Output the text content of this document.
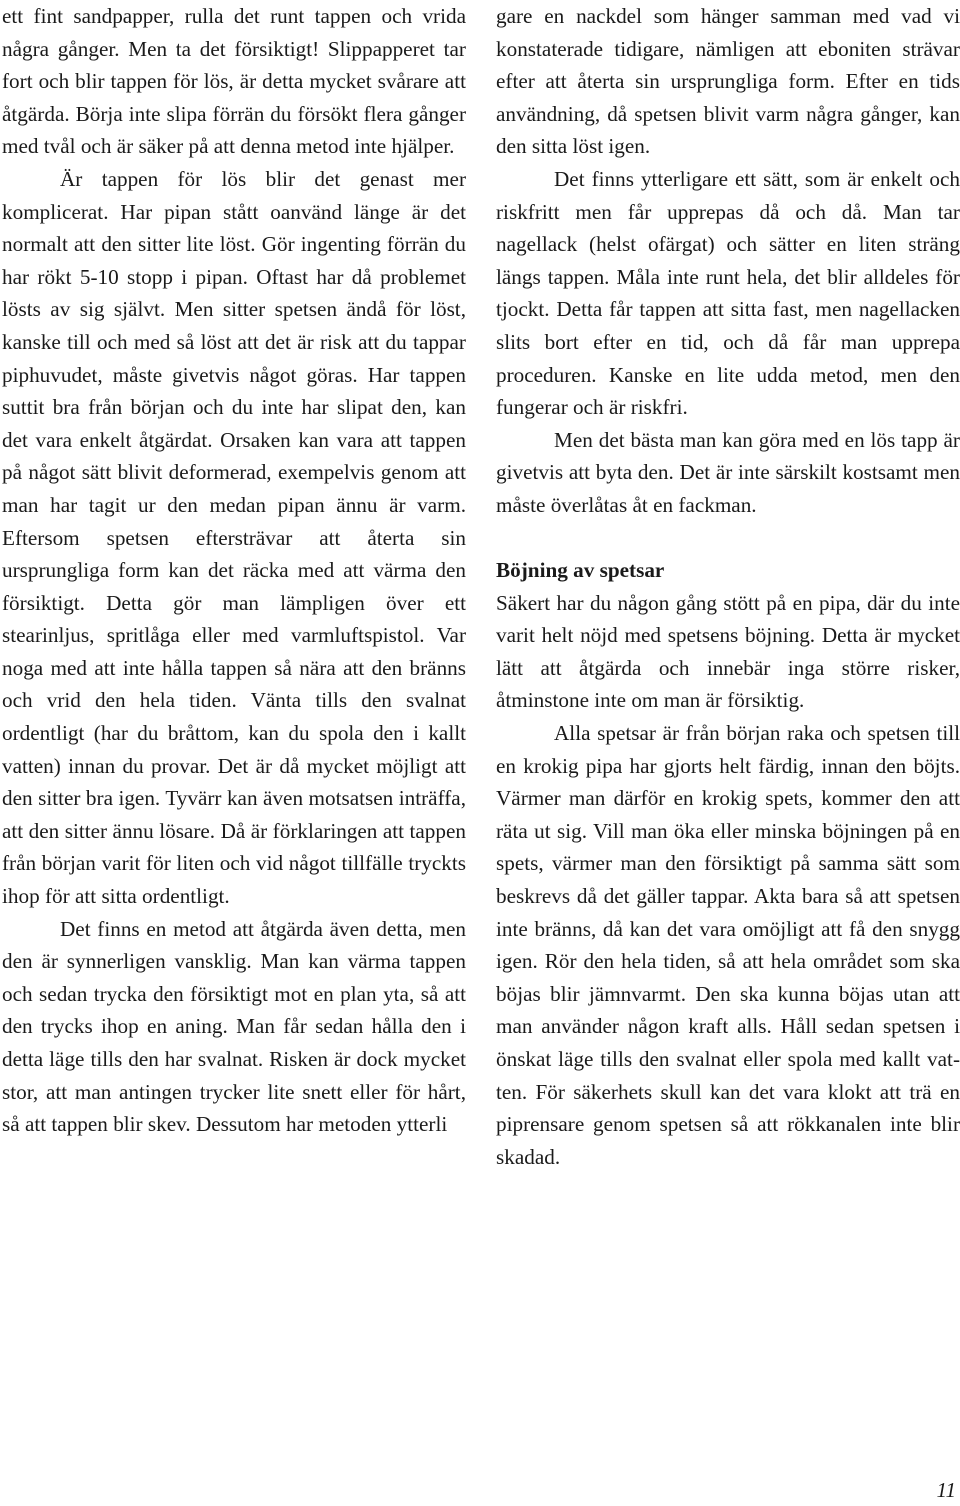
ett fint sandpapper, rulla det runt tappen och vrida några gånger. Men ta det försiktigt! Slippapperet tar fort och blir tappen för lös, är detta mycket svårare att åtgärda. Börja inte slipa förrän du försökt flera gånger med tvål och är säker på att denna metod inte hjälper.

Är tappen för lös blir det genast mer komplicerat. Har pipan stått oanvänd länge är det normalt att den sitter lite löst. Gör ingenting förrän du har rökt 5-10 stopp i pipan. Oftast har då problemet lösts av sig självt. Men sitter spetsen ändå för löst, kanske till och med så löst att det är risk att du tappar piphuvudet, måste givetvis något göras. Har tappen suttit bra från början och du inte har slipat den, kan det vara enkelt åtgärdat. Orsaken kan vara att tappen på något sätt blivit deformerad, exempelvis genom att man har tagit ur den medan pipan ännu är varm. Eftersom spetsen eftersträvar att återta sin ursprungliga form kan det räcka med att värma den försiktigt. Detta gör man lämpligen över ett stearinljus, spritlåga eller med varmluftspistol. Var noga med att inte hålla tappen så nära att den bränns och vrid den hela tiden. Vänta tills den svalnat ordentligt (har du bråttom, kan du spola den i kallt vatten) innan du provar. Det är då mycket möjligt att den sitter bra igen. Tyvärr kan även motsatsen inträffa, att den sitter ännu lösare. Då är förklaringen att tappen från början varit för liten och vid något tillfälle tryckts ihop för att sitta ordentligt.

Det finns en metod att åtgärda även detta, men den är synnerligen vansklig. Man kan värma tappen och sedan trycka den försiktigt mot en plan yta, så att den trycks ihop en aning. Man får sedan hålla den i detta läge tills den har svalnat. Risken är dock mycket stor, att man antingen trycker lite snett eller för hårt, så att tappen blir skev. Dessutom har metoden ytterli

gare en nackdel som hänger samman med vad vi konstaterade tidigare, nämligen att eboniten strävar efter att återta sin ursprungliga form. Efter en tids användning, då spetsen blivit varm några gånger, kan den sitta löst igen.

Det finns ytterligare ett sätt, som är enkelt och riskfritt men får upprepas då och då. Man tar nagellack (helst ofärgat) och sätter en liten sträng längs tappen. Måla inte runt hela, det blir alldeles för tjockt. Detta får tappen att sitta fast, men nagellacken slits bort efter en tid, och då får man upprepa proceduren. Kanske en lite udda metod, men den fungerar och är riskfri.

Men det bästa man kan göra med en lös tapp är givetvis att byta den. Det är inte särskilt kostsamt men måste överlåtas åt en fackman.

Böjning av spetsar

Säkert har du någon gång stött på en pipa, där du inte varit helt nöjd med spetsens böjning. Detta är mycket lätt att åtgärda och innebär inga större risker, åtminstone inte om man är försiktig.

Alla spetsar är från början raka och spetsen till en krokig pipa har gjorts helt färdig, innan den böjts. Värmer man därför en krokig spets, kommer den att räta ut sig. Vill man öka eller minska böjningen på en spets, värmer man den försiktigt på samma sätt som beskrevs då det gäller tappar. Akta bara så att spetsen inte bränns, då kan det vara omöjligt att få den snygg igen. Rör den hela tiden, så att hela området som ska böjas blir jämnvarmt. Den ska kunna böjas utan att man använder någon kraft alls. Håll sedan spetsen i önskat läge tills den svalnat eller spola med kallt vatten. För säkerhets skull kan det vara klokt att trä en piprensare genom spetsen så att rökkanalen inte blir skadad.

11
